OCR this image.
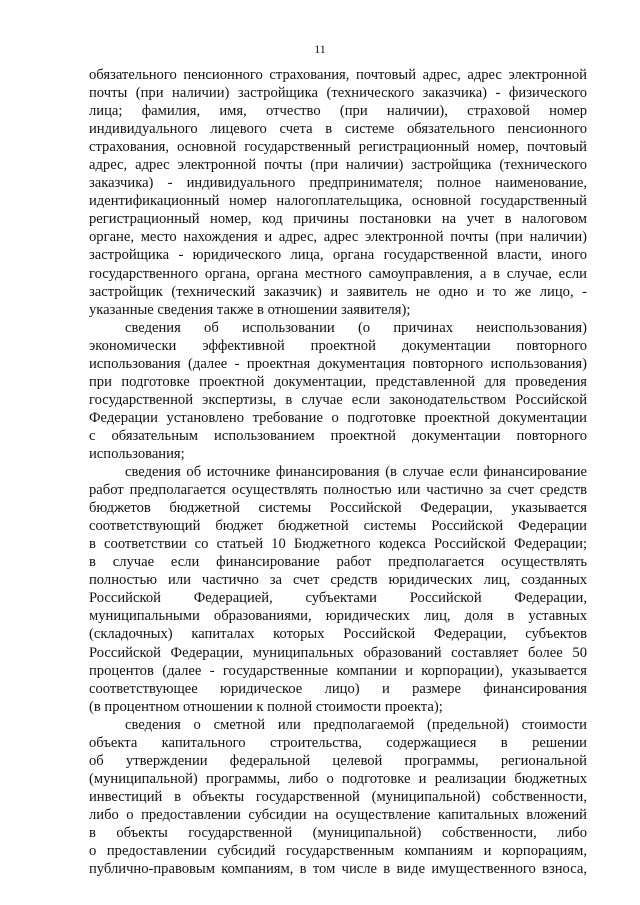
11
обязательного пенсионного страхования, почтовый адрес, адрес электронной
почты (при наличии) застройщика (технического заказчика) - физического
лица; фамилия, имя, отчество (при наличии), страховой номер
индивидуального лицевого счета в системе обязательного пенсионного
страхования, основной государственный регистрационный номер, почтовый
адрес, адрес электронной почты (при наличии) застройщика (технического
заказчика) - индивидуального предпринимателя; полное наименование,
идентификационный номер налогоплательщика, основной государственный
регистрационный номер, код причины постановки на учет в налоговом
органе, место нахождения и адрес, адрес электронной почты (при наличии)
застройщика - юридического лица, органа государственной власти, иного
государственного органа, органа местного самоуправления, а в случае, если
застройщик (технический заказчик) и заявитель не одно и то же лицо, -
указанные сведения также в отношении заявителя);
сведения об использовании (о причинах неиспользования)
экономически эффективной проектной документации повторного
использования (далее - проектная документация повторного использования)
при подготовке проектной документации, представленной для проведения
государственной экспертизы, в случае если законодательством Российской
Федерации установлено требование о подготовке проектной документации
с обязательным использованием проектной документации повторного
использования;
сведения об источнике финансирования (в случае если финансирование
работ предполагается осуществлять полностью или частично за счет средств
бюджетов бюджетной системы Российской Федерации, указывается
соответствующий бюджет бюджетной системы Российской Федерации
в соответствии со статьей 10 Бюджетного кодекса Российской Федерации;
в случае если финансирование работ предполагается осуществлять
полностью или частично за счет средств юридических лиц, созданных
Российской Федерацией, субъектами Российской Федерации,
муниципальными образованиями, юридических лиц, доля в уставных
(складочных) капиталах которых Российской Федерации, субъектов
Российской Федерации, муниципальных образований составляет более 50
процентов (далее - государственные компании и корпорации), указывается
соответствующее юридическое лицо) и размере финансирования
(в процентном отношении к полной стоимости проекта);
сведения о сметной или предполагаемой (предельной) стоимости
объекта капитального строительства, содержащиеся в решении
об утверждении федеральной целевой программы, региональной
(муниципальной) программы, либо о подготовке и реализации бюджетных
инвестиций в объекты государственной (муниципальной) собственности,
либо о предоставлении субсидии на осуществление капитальных вложений
в объекты государственной (муниципальной) собственности, либо
о предоставлении субсидий государственным компаниям и корпорациям,
публично-правовым компаниям, в том числе в виде имущественного взноса,
